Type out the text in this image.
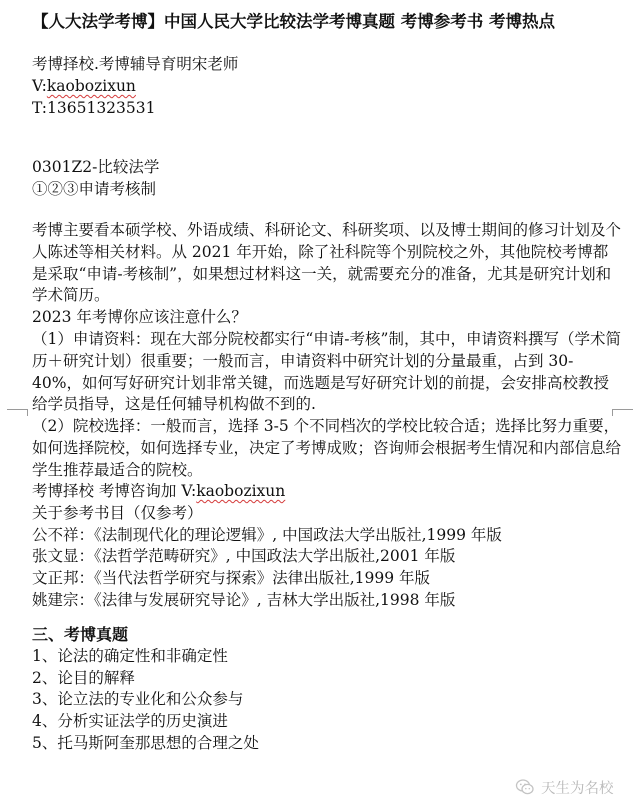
【人大法学考博】中国人民大学比较法学考博真题 考博参考书 考博热点

考博择校.考博辅导育明宋老师

V:kaobozixun

T:13651323531

0301Z2-比较法学

①②③申请考核制

考博主要看本硕学校、外语成绩、科研论文、科研奖项、以及博士期间的修习计划及个人陈述等相关材料。从 2021 年开始，除了社科院等个别院校之外，其他院校考博都是采取“申请-考核制”，如果想过材料这一关，就需要充分的准备，尤其是研究计划和学术简历。

2023 年考博你应该注意什么？

（1）申请资料：现在大部分院校都实行“申请-考核”制，其中，申请资料撰写（学术简历＋研究计划）很重要；一般而言，申请资料中研究计划的分量最重，占到 30-40%，如何写好研究计划非常关键，而选题是写好研究计划的前提，会安排高校教授给学员指导，这是任何辅导机构做不到的.

（2）院校选择：一般而言，选择 3-5 个不同档次的学校比较合适；选择比努力重要，如何选择院校，如何选择专业，决定了考博成败；咨询师会根据考生情况和内部信息给学生推荐最适合的院校。

考博择校 考博咨询加 V:kaobozixun

关于参考书目（仅参考）

公不祥：《法制现代化的理论逻辑》, 中国政法大学出版社,1999 年版

张文显：《法哲学范畴研究》, 中国政法大学出版社,2001 年版

文正邦：《当代法哲学研究与探索》法律出版社,1999 年版

姚建宗：《法律与发展研究导论》, 吉林大学出版社,1998 年版

三、考博真题

1、论法的确定性和非确定性

2、论目的解释

3、论立法的专业化和公众参与

4、分析实证法学的历史演进

5、托马斯阿奎那思想的合理之处

天生为名校
